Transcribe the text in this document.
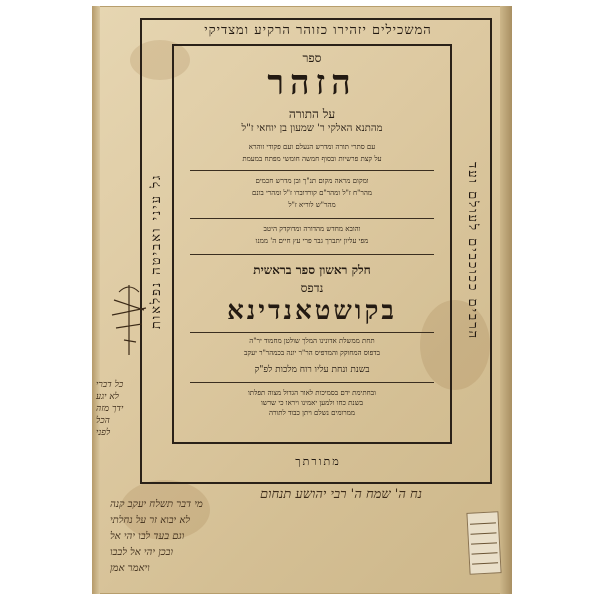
המשכילים יזהירו כזוהר הרקיע ומצדיקי
הרבים ככוכבים לעולם ועד
גל עיני ואביטה נפלאות
מתורתך
ספר
הזהר
על התורה
מהתנא האלקי ר' שמעון בן יוחאי ז"ל
עם סתרי תורה ומדרש הנעלם ועם פקודי זוהרא
על קצת פרשיות ובסוף חמשה חומשי מפתח במעמת
ומקום מראה מקום תנ"ך ובן מדרש חכמים
מהר"ח ז"ל ומהר"ם קורדוברו ז"ל ומהרי בונם
מהר"ש לוריא ז"ל
והובא מחדש מהדורה ומדוקדק היטב
מפי עליון יתברך גבר פרי עץ חיים ה' ממנו
חלק ראשון ספר בראשית
נדפס
בקושטאנדינא
תחת ממשלת אדונינו המלך שולטן מחמוד יר"ה
בדפוס המחוקק והמדפיס הר"ר יונה בכמהר"ר יעקב
בשנת ונחת עליו רוח מלכות לפ"ק
ובחתימת ידם בסמיכות לאור הגדול מצוה תפלתו
בשנת כחו ולמען יאמינו ויראו כי שרשו
ממרומים נשלם ויתן כבוד לתורה
כל דברי
לא יגע
ידך מזה
הכל
לפני
נח ה' שמח ה' רבי יהושע תנחום
מי דבר תשלח יעקב קנה
לא יבוא זר על נחלתי
וגם בעד לבו יהי אל
ובכן יהי אל לבבו
ויאמר אמן
